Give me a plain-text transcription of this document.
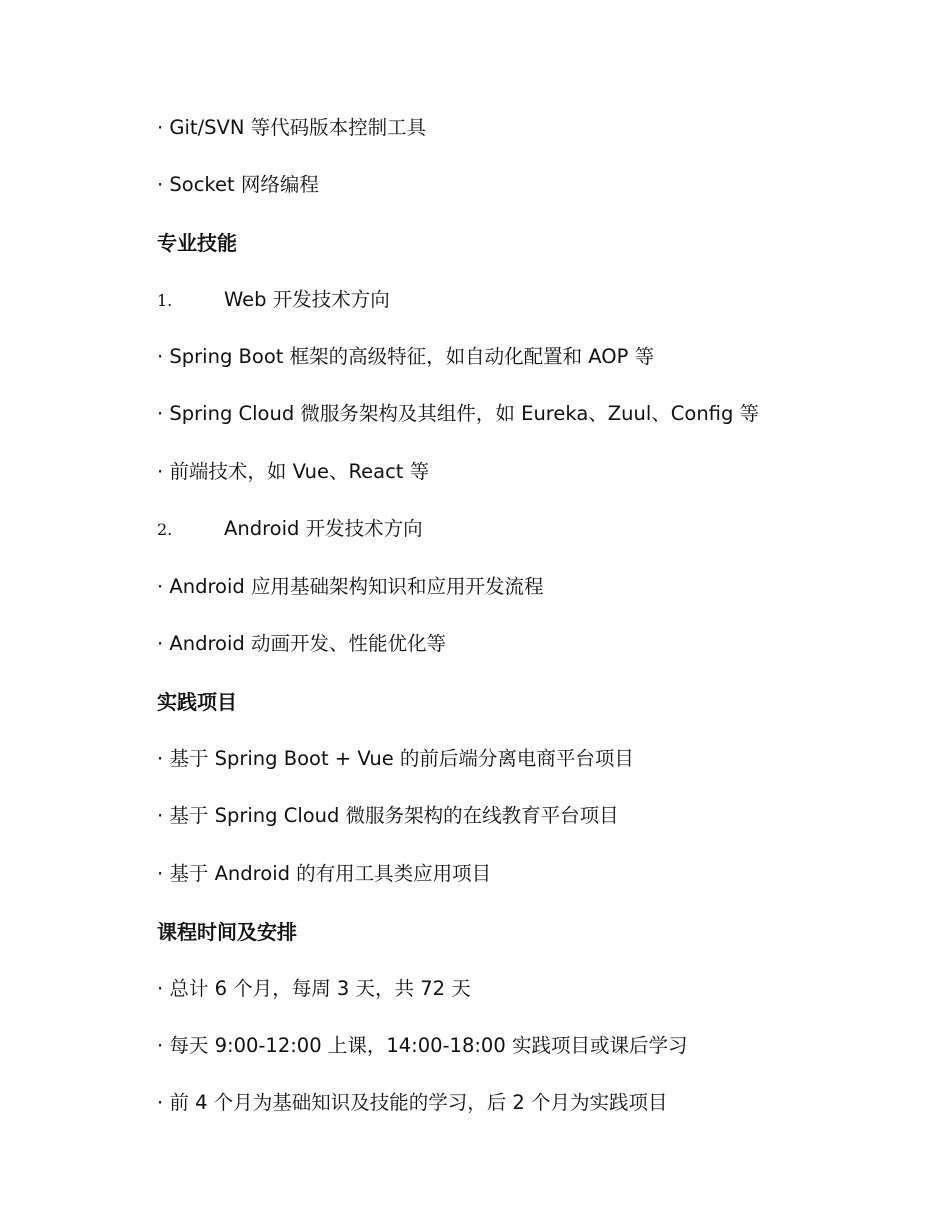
· Git/SVN 等代码版本控制工具
· Socket 网络编程
专业技能
1.	Web 开发技术方向
· Spring Boot 框架的高级特征，如自动化配置和 AOP 等
· Spring Cloud 微服务架构及其组件，如 Eureka、Zuul、Config 等
· 前端技术，如 Vue、React 等
2.	Android 开发技术方向
· Android 应用基础架构知识和应用开发流程
· Android 动画开发、性能优化等
实践项目
· 基于 Spring Boot + Vue 的前后端分离电商平台项目
· 基于 Spring Cloud 微服务架构的在线教育平台项目
· 基于 Android 的有用工具类应用项目
课程时间及安排
· 总计 6 个月，每周 3 天，共 72 天
· 每天 9:00-12:00 上课，14:00-18:00 实践项目或课后学习
· 前 4 个月为基础知识及技能的学习，后 2 个月为实践项目
